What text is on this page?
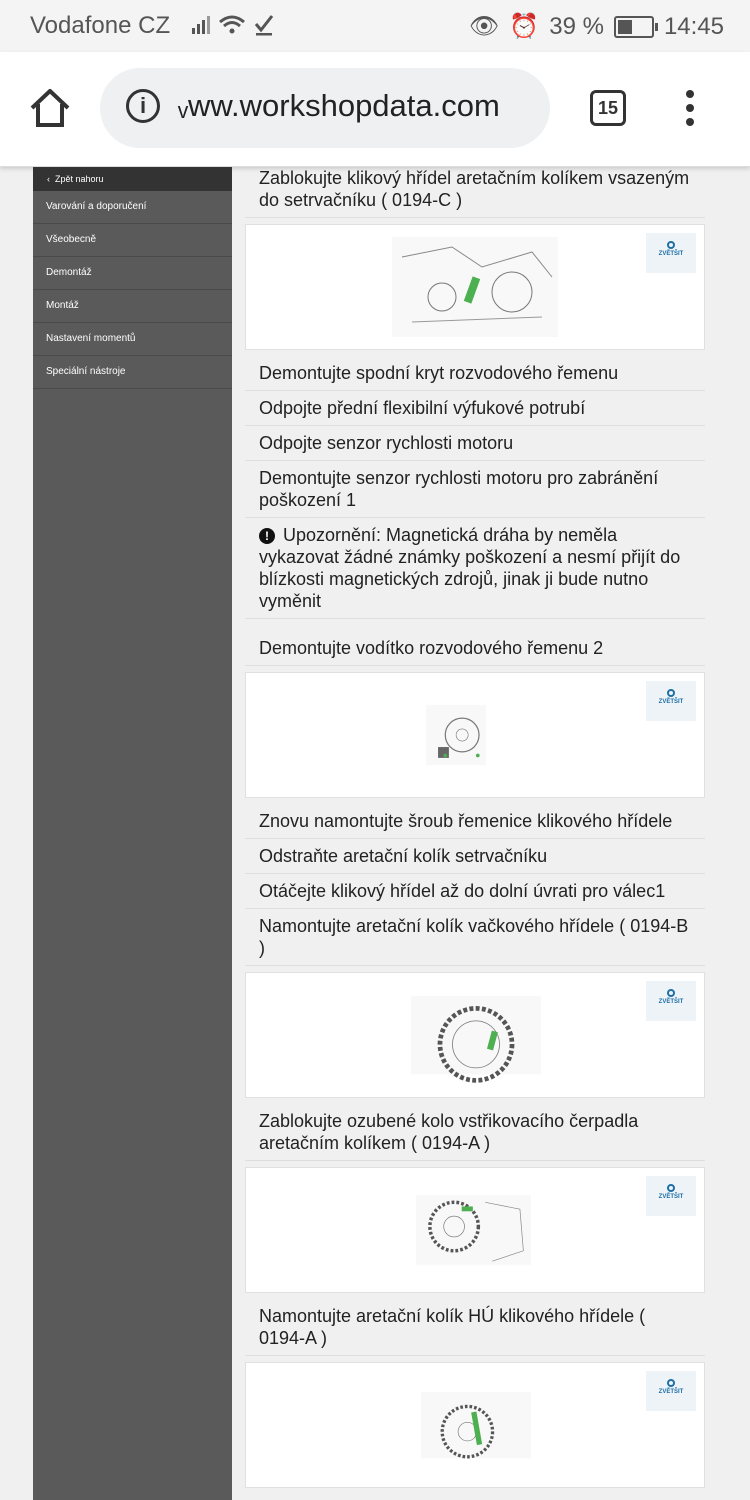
Vodafone CZ	👁 ⏰ 39 %	14:45
i	ᵥww.workshopdata.com	15
‹ Zpět nahoru
Varování a doporučení
Všeobecně
Demontáž
Montáž
Nastavení momentů
Speciální nástroje
Zablokujte klikový hřídel aretačním kolíkem vsazeným do setrvačníku ( 0194-C )
ZVĚTŠIT
Demontujte spodní kryt rozvodového řemenu
Odpojte přední flexibilní výfukové potrubí
Odpojte senzor rychlosti motoru
Demontujte senzor rychlosti motoru pro zabránění poškození 1
! Upozornění: Magnetická dráha by neměla vykazovat žádné známky poškození a nesmí přijít do blízkosti magnetických zdrojů, jinak ji bude nutno vyměnit
Demontujte vodítko rozvodového řemenu 2
ZVĚTŠIT
Znovu namontujte šroub řemenice klikového hřídele
Odstraňte aretační kolík setrvačníku
Otáčejte klikový hřídel až do dolní úvrati pro válec1
Namontujte aretační kolík vačkového hřídele ( 0194-B )
ZVĚTŠIT
Zablokujte ozubené kolo vstřikovacího čerpadla aretačním kolíkem ( 0194-A )
ZVĚTŠIT
Namontujte aretační kolík HÚ klikového hřídele ( 0194-A )
ZVĚTŠIT
